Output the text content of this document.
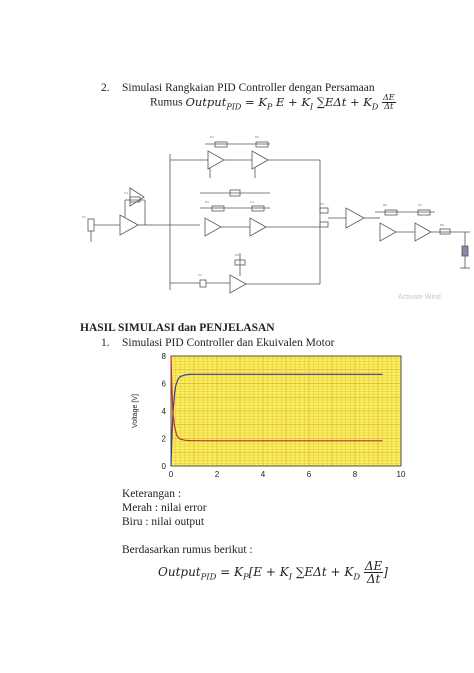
2. Simulasi Rangkaian PID Controller dengan Persamaan
Rumus Output$_{PID}$ = $K_P$ $E + K_I$ $\sum E\Delta t + K_D \frac{\Delta E}{\Delta t}$
V1
U1
R1	R2
R3	C1
C2
R4
R5	R6	R7
R8
Activate Wind
HASIL SIMULASI dan PENJELASAN
1. Simulasi PID Controller dan Ekuivalen Motor
0	2	4	6	8	10
0
2
4
6
8
Voltage [V]
Keterangan :
Merah : nilai error
Biru : nilai output
Berdasarkan rumus berikut :
Output$_{PID}$ = $K_P[E + K_I$ $\sum E\Delta t + K_D \frac{\Delta E}{\Delta t}$ ]
